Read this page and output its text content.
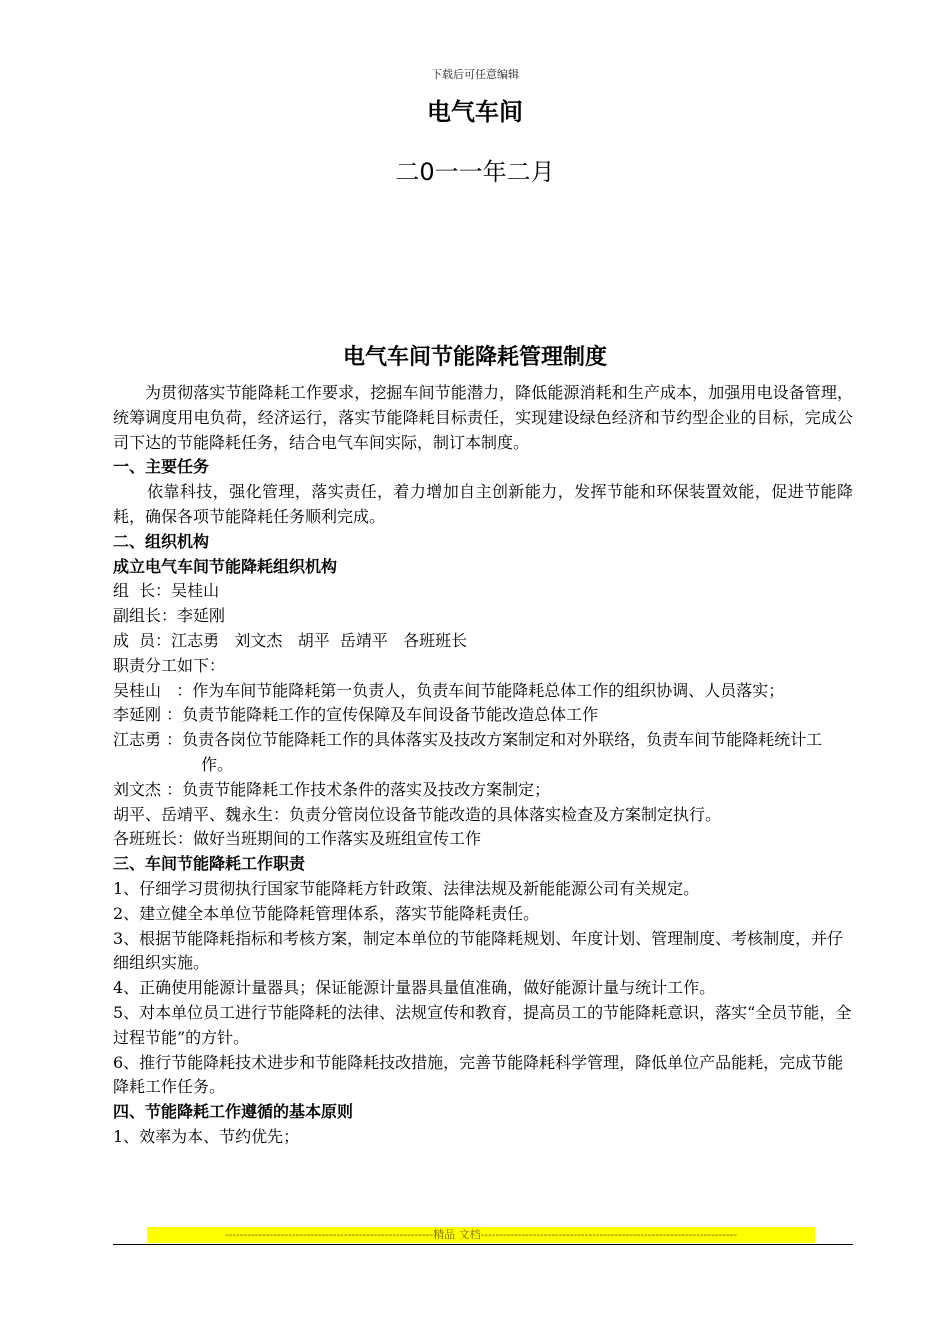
下载后可任意编辑
电气车间
二0一一年二月
电气车间节能降耗管理制度

为贯彻落实节能降耗工作要求，挖掘车间节能潜力，降低能源消耗和生产成本，加强用电设备管理，统筹调度用电负荷，经济运行，落实节能降耗目标责任，实现建设绿色经济和节约型企业的目标，完成公司下达的节能降耗任务，结合电气车间实际，制订本制度。

一、主要任务

依靠科技，强化管理，落实责任，着力增加自主创新能力，发挥节能和环保装置效能，促进节能降耗，确保各项节能降耗任务顺利完成。

二、组织机构

成立电气车间节能降耗组织机构

组  长：吴桂山

副组长：李延刚

成  员：江志勇   刘文杰   胡平  岳靖平   各班班长

职责分工如下：

吴桂山   ：作为车间节能降耗第一负责人，负责车间节能降耗总体工作的组织协调、人员落实；

李延刚 ：负责节能降耗工作的宣传保障及车间设备节能改造总体工作

江志勇 ：负责各岗位节能降耗工作的具体落实及技改方案制定和对外联络，负责车间节能降耗统计工作。

刘文杰 ：负责节能降耗工作技术条件的落实及技改方案制定；

胡平、岳靖平、魏永生：负责分管岗位设备节能改造的具体落实检查及方案制定执行。

各班班长：做好当班期间的工作落实及班组宣传工作

三、车间节能降耗工作职责

1、仔细学习贯彻执行国家节能降耗方针政策、法律法规及新能能源公司有关规定。

2、建立健全本单位节能降耗管理体系，落实节能降耗责任。

3、根据节能降耗指标和考核方案，制定本单位的节能降耗规划、年度计划、管理制度、考核制度，并仔细组织实施。

4、正确使用能源计量器具；保证能源计量器具量值准确，做好能源计量与统计工作。

5、对本单位员工进行节能降耗的法律、法规宣传和教育，提高员工的节能降耗意识，落实“全员节能，全过程节能”的方针。

6、推行节能降耗技术进步和节能降耗技改措施，完善节能降耗科学管理，降低单位产品能耗，完成节能降耗工作任务。

四、节能降耗工作遵循的基本原则

1、效率为本、节约优先；

--------------------------------------------------------精品 文档---------------------------------------------------------------------
